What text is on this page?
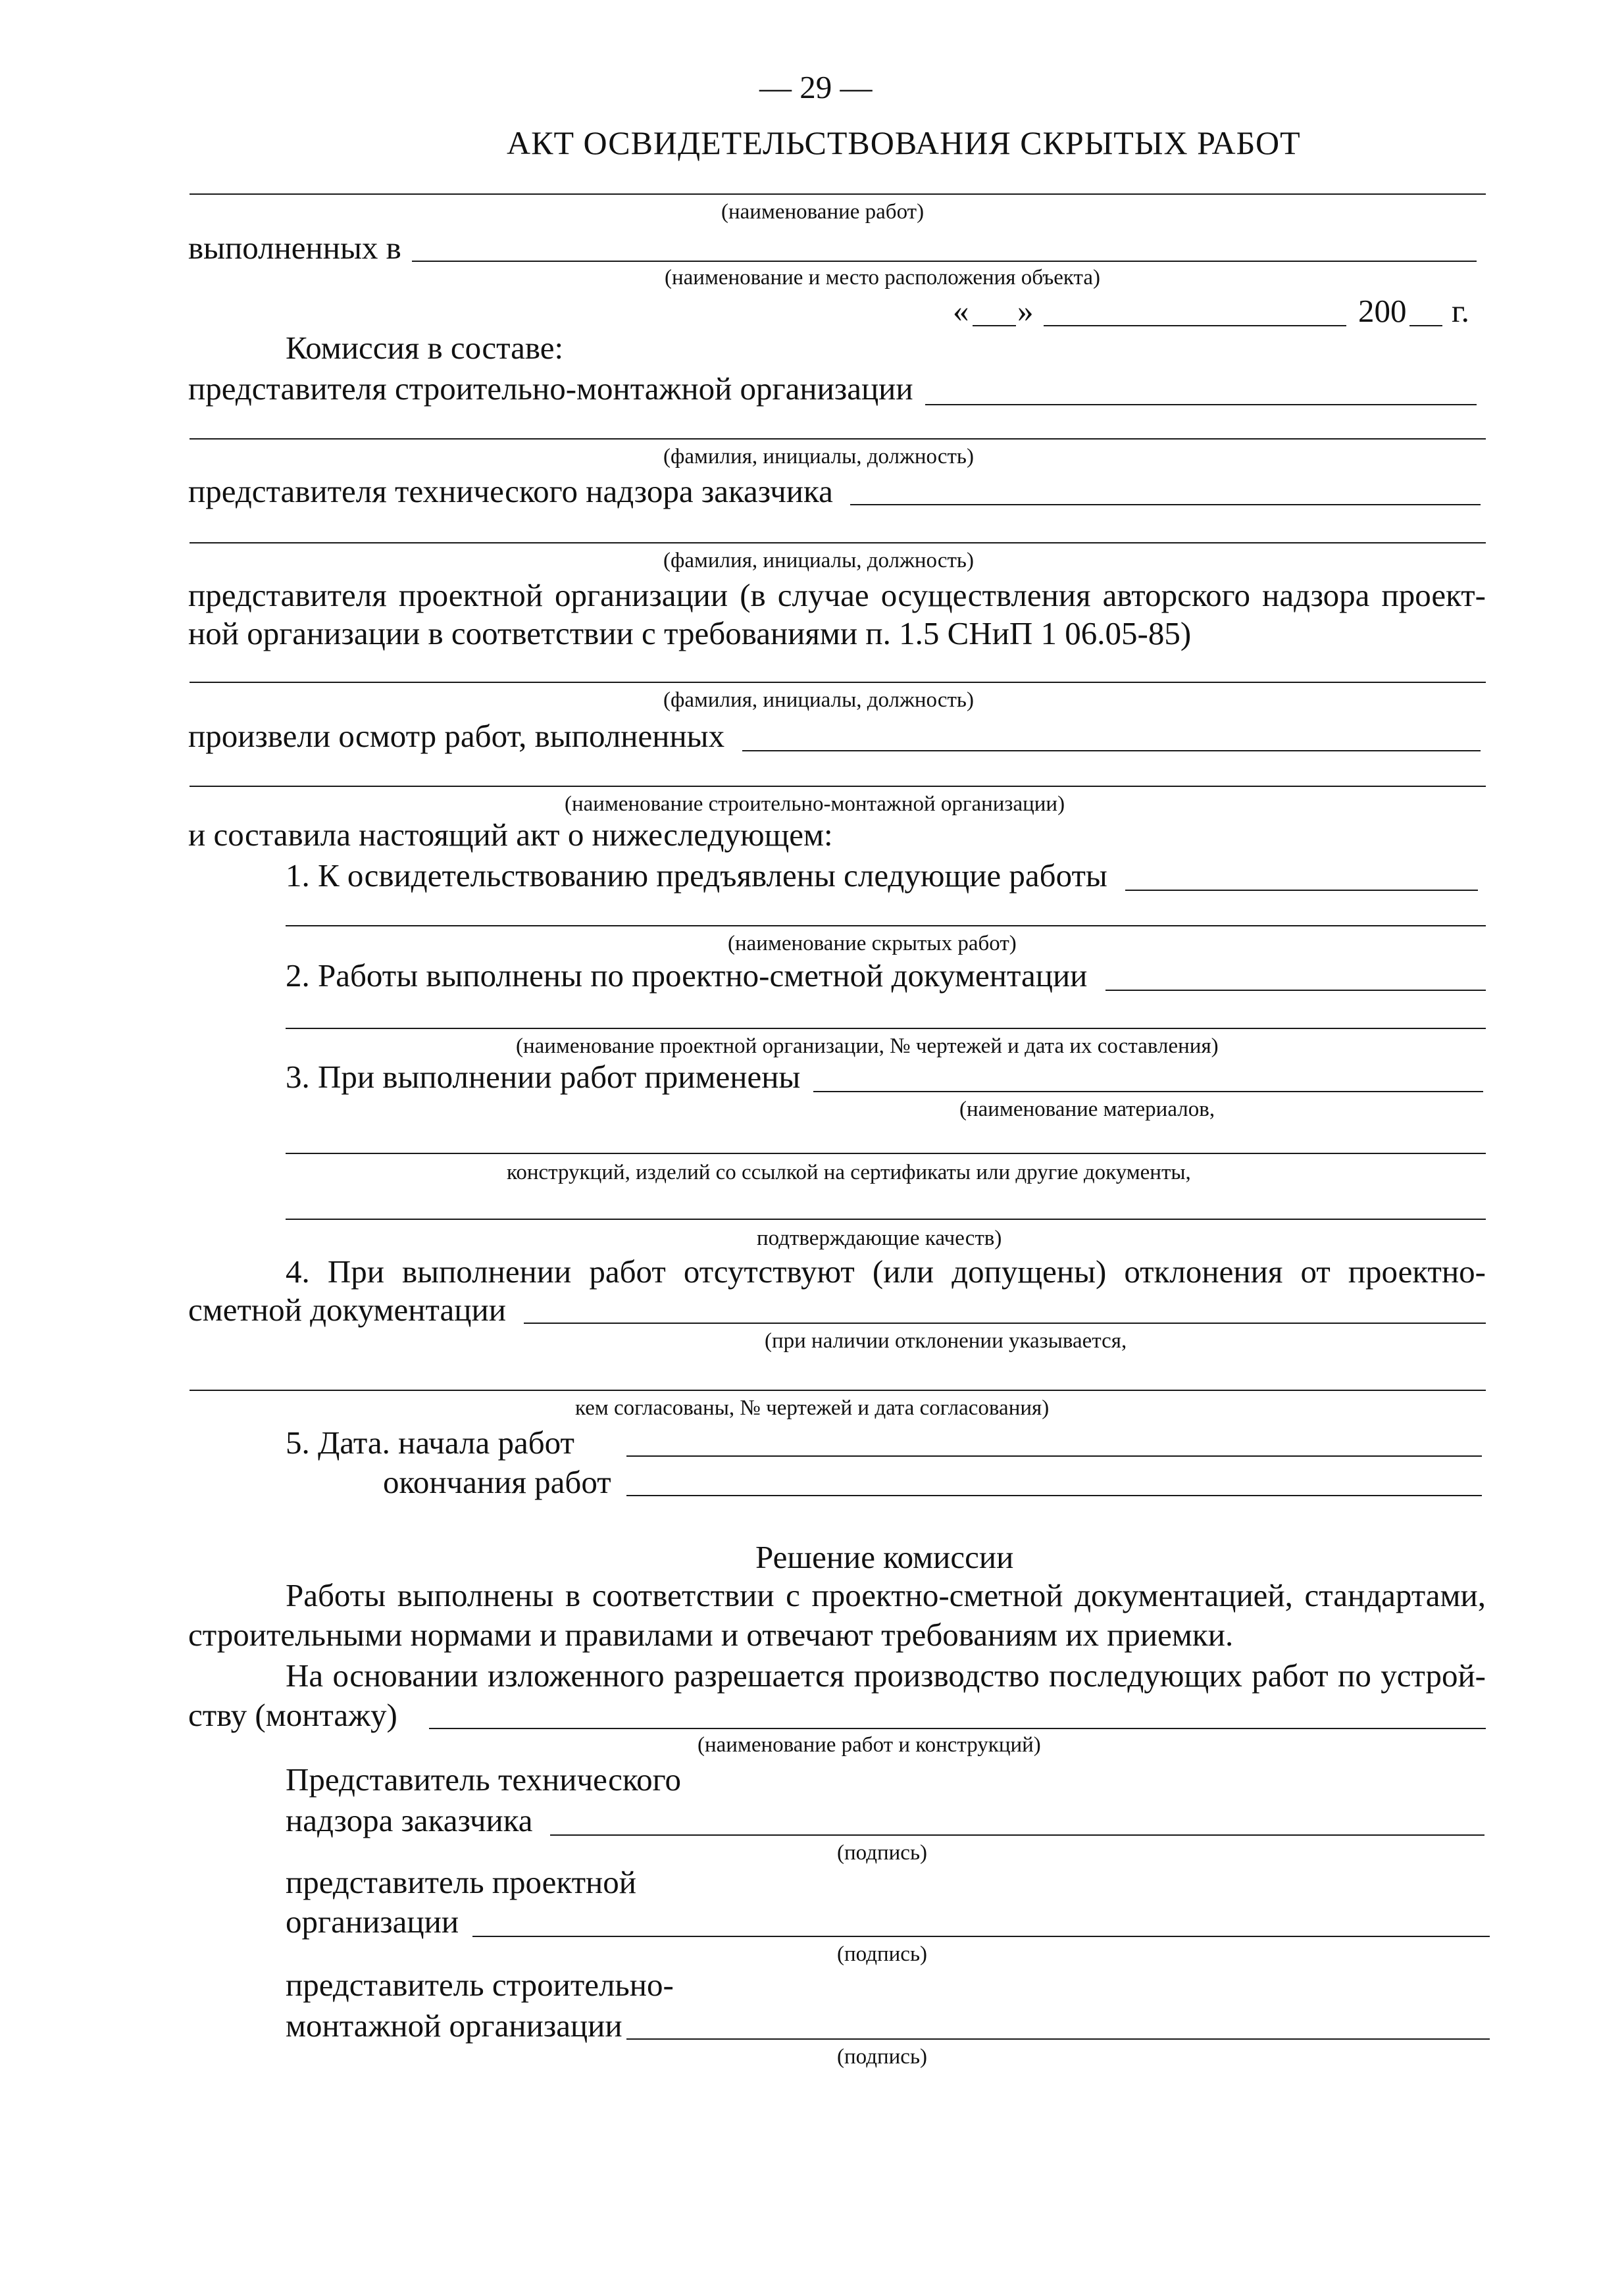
— 29 —
АКТ ОСВИДЕТЕЛЬСТВОВАНИЯ СКРЫТЫХ РАБОТ
(наименование работ)
выполненных в
(наименование и место расположения объекта)
« »	200 г.
Комиссия в составе:
представителя строительно-монтажной организации
(фамилия, инициалы, должность)
представителя технического надзора заказчика
(фамилия, инициалы, должность)
представителя проектной организации (в случае осуществления авторского надзора проект-
ной организации в соответствии с требованиями п. 1.5 СНиП 1 06.05-85)
(фамилия, инициалы, должность)
произвели осмотр работ, выполненных
(наименование строительно-монтажной организации)
и составила настоящий акт о нижеследующем:
1. К освидетельствованию предъявлены следующие работы
(наименование скрытых работ)
2. Работы выполнены по проектно-сметной документации
(наименование проектной организации, № чертежей и дата их составления)
3. При выполнении работ применены
(наименование материалов,
конструкций, изделий со ссылкой на сертификаты или другие документы,
подтверждающие качеств)
4. При выполнении работ отсутствуют (или допущены) отклонения от проектно-
сметной документации
(при наличии отклонении указывается,
кем согласованы, № чертежей и дата согласования)
5. Дата. начала работ
окончания работ
Решение комиссии
Работы выполнены в соответствии с проектно-сметной документацией, стандартами,
строительными нормами и правилами и отвечают требованиям их приемки.
На основании изложенного разрешается производство последующих работ по устрой-
ству (монтажу)
(наименование работ и конструкций)
Представитель технического
надзора заказчика
(подпись)
представитель проектной
организации
(подпись)
представитель строительно-
монтажной организации
(подпись)
